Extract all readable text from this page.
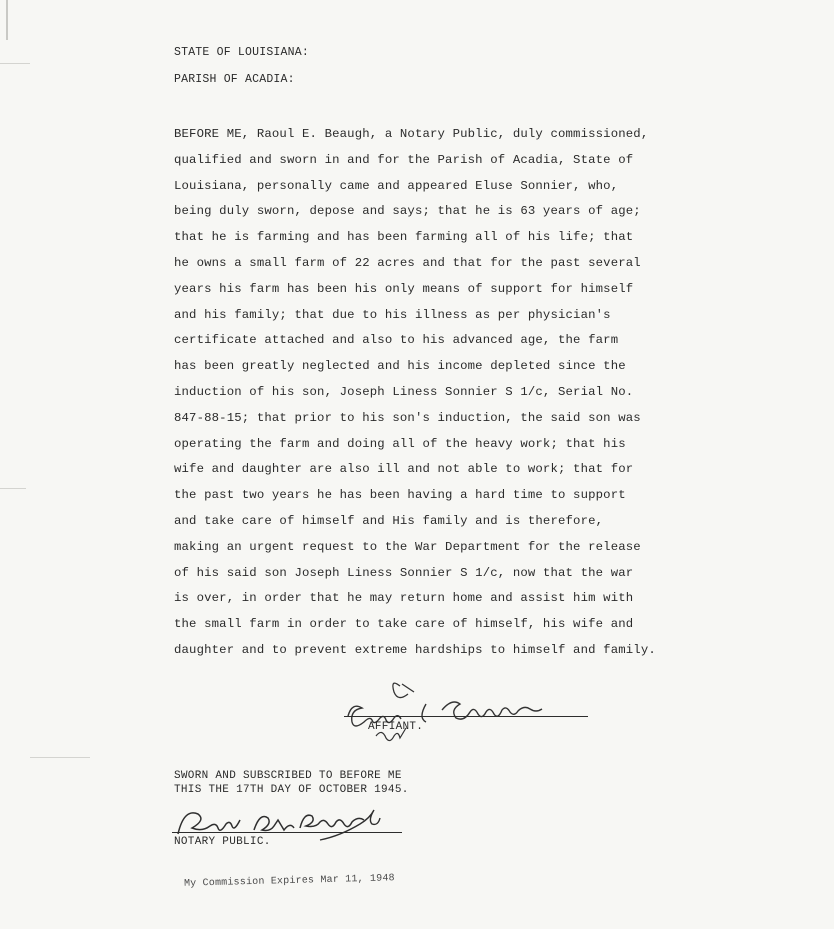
STATE OF LOUISIANA:
PARISH OF ACADIA:
BEFORE ME, Raoul E. Beaugh, a Notary Public, duly commissioned,
qualified and sworn in and for the Parish of Acadia, State of
Louisiana, personally came and appeared Eluse Sonnier, who,
being duly sworn, depose and says; that he is 63 years of age;
that he is farming and has been farming all of his life; that
he owns a small farm of 22 acres and that for the past several
years his farm has been his only means of support for himself
and his family; that due to his illness as per physician's
certificate attached and also to his advanced age, the farm
has been greatly neglected and his income depleted since the
induction of his son, Joseph Liness Sonnier S 1/c, Serial No.
847-88-15; that prior to his son's induction, the said son was
operating the farm and doing all of the heavy work; that his
wife and daughter are also ill and not able to work; that for
the past two years he has been having a hard time to support
and take care of himself and His family and is therefore,
making an urgent request to the War Department for the release
of his said son Joseph Liness Sonnier S 1/c, now that the war
is over, in order that he may return home and assist him with
the small farm in order to take care of himself, his wife and
daughter and to prevent extreme hardships to himself and family.
AFFIANT.
SWORN AND SUBSCRIBED TO BEFORE ME
THIS THE 17TH DAY OF OCTOBER 1945.
NOTARY PUBLIC.
My Commission Expires Mar 11, 1948
